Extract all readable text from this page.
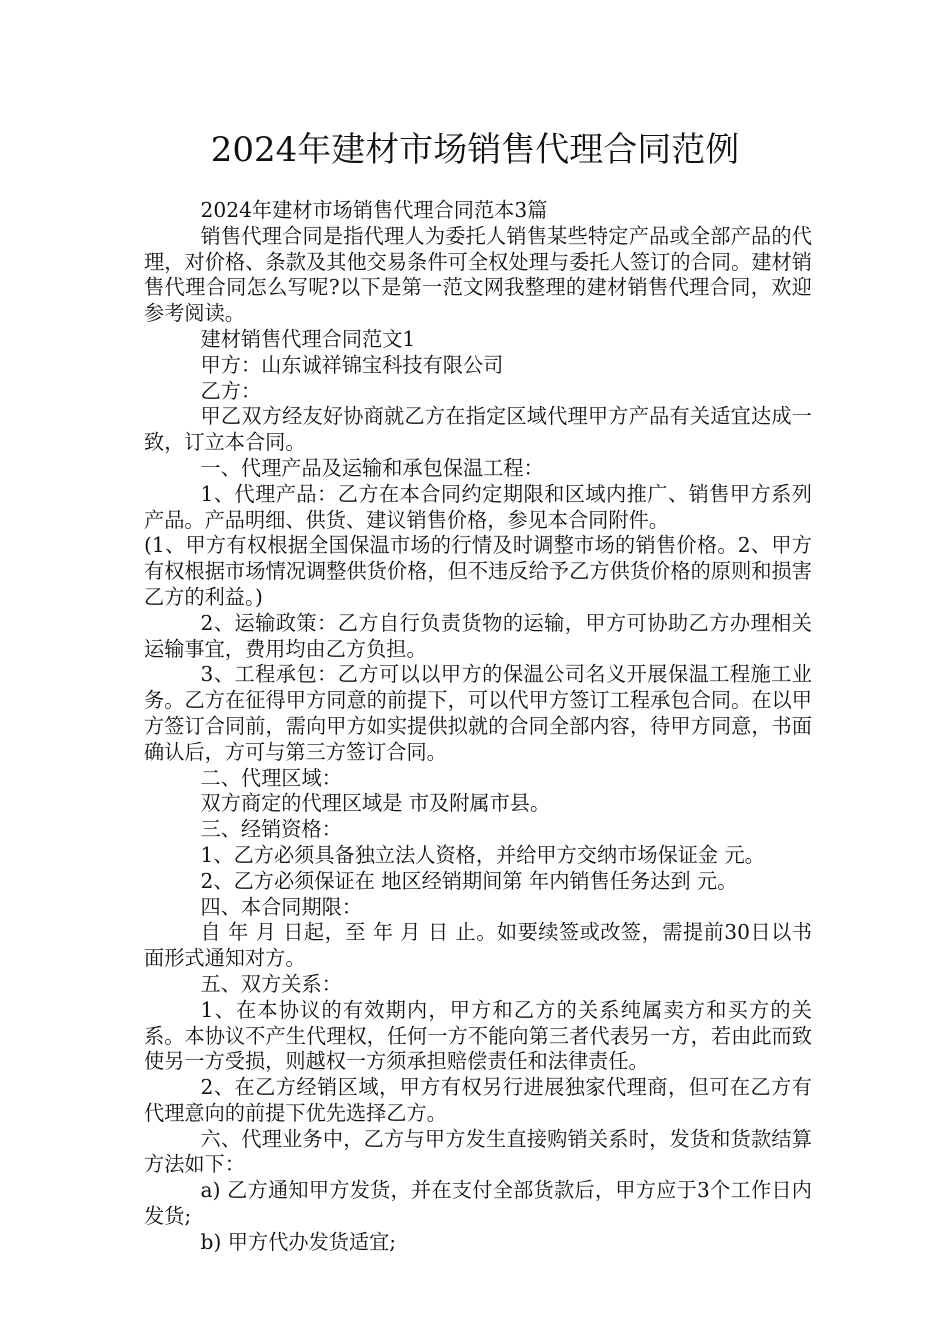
2024年建材市场销售代理合同范例

2024年建材市场销售代理合同范本3篇

销售代理合同是指代理人为委托人销售某些特定产品或全部产品的代理，对价格、条款及其他交易条件可全权处理与委托人签订的合同。建材销售代理合同怎么写呢?以下是第一范文网我整理的建材销售代理合同，欢迎参考阅读。

建材销售代理合同范文1

甲方：山东诚祥锦宝科技有限公司

乙方：

甲乙双方经友好协商就乙方在指定区域代理甲方产品有关适宜达成一致，订立本合同。

一、代理产品及运输和承包保温工程：

1、代理产品：乙方在本合同约定期限和区域内推广、销售甲方系列产品。产品明细、供货、建议销售价格，参见本合同附件。

(1、甲方有权根据全国保温市场的行情及时调整市场的销售价格。2、甲方有权根据市场情况调整供货价格，但不违反给予乙方供货价格的原则和损害乙方的利益。)

2、运输政策：乙方自行负责货物的运输，甲方可协助乙方办理相关运输事宜，费用均由乙方负担。

3、工程承包：乙方可以以甲方的保温公司名义开展保温工程施工业务。乙方在征得甲方同意的前提下，可以代甲方签订工程承包合同。在以甲方签订合同前，需向甲方如实提供拟就的合同全部内容，待甲方同意，书面确认后，方可与第三方签订合同。

二、代理区域：

双方商定的代理区域是 市及附属市县。

三、经销资格：

1、乙方必须具备独立法人资格，并给甲方交纳市场保证金 元。

2、乙方必须保证在 地区经销期间第 年内销售任务达到 元。

四、本合同期限：

自 年 月 日起，至 年 月 日 止。如要续签或改签，需提前30日以书面形式通知对方。

五、双方关系：

1、在本协议的有效期内，甲方和乙方的关系纯属卖方和买方的关系。本协议不产生代理权，任何一方不能向第三者代表另一方，若由此而致使另一方受损，则越权一方须承担赔偿责任和法律责任。

2、在乙方经销区域，甲方有权另行进展独家代理商，但可在乙方有代理意向的前提下优先选择乙方。

六、代理业务中，乙方与甲方发生直接购销关系时，发货和货款结算方法如下：

a) 乙方通知甲方发货，并在支付全部货款后，甲方应于3个工作日内发货;

b) 甲方代办发货适宜;
